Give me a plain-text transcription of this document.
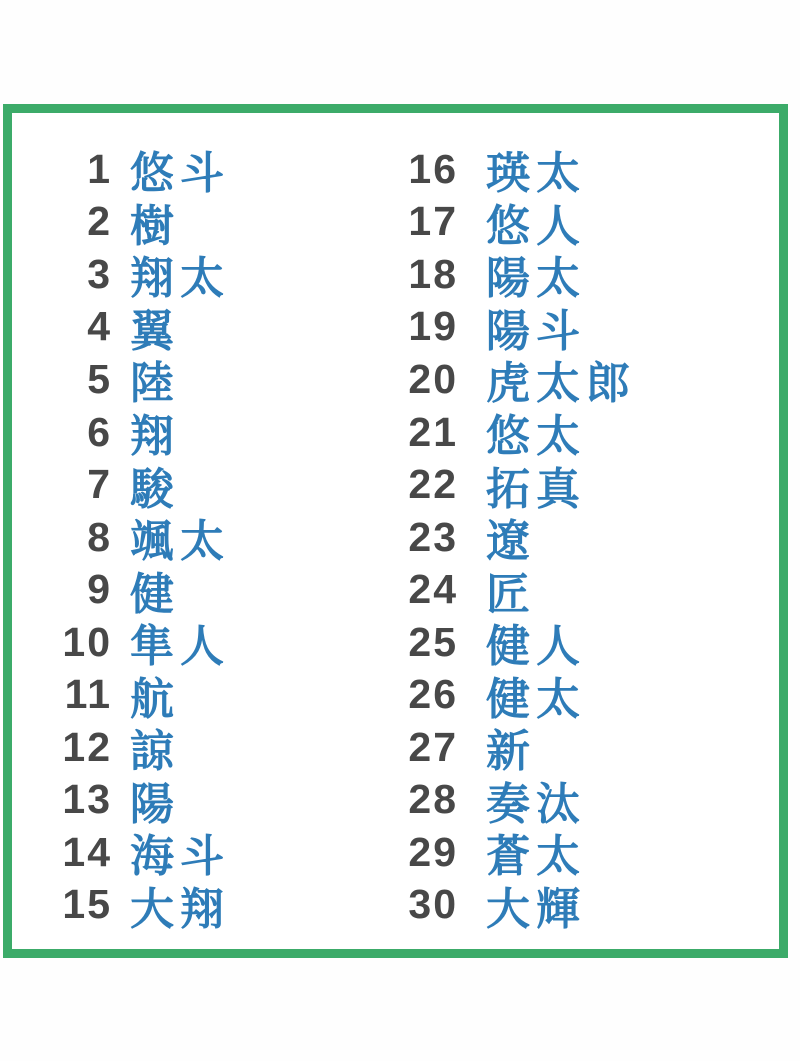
1 悠斗
2 樹
3 翔太
4 翼
5 陸
6 翔
7 駿
8 颯太
9 健
10 隼人
11 航
12 諒
13 陽
14 海斗
15 大翔
16 瑛太
17 悠人
18 陽太
19 陽斗
20 虎太郎
21 悠太
22 拓真
23 遼
24 匠
25 健人
26 健太
27 新
28 奏汰
29 蒼太
30 大輝
